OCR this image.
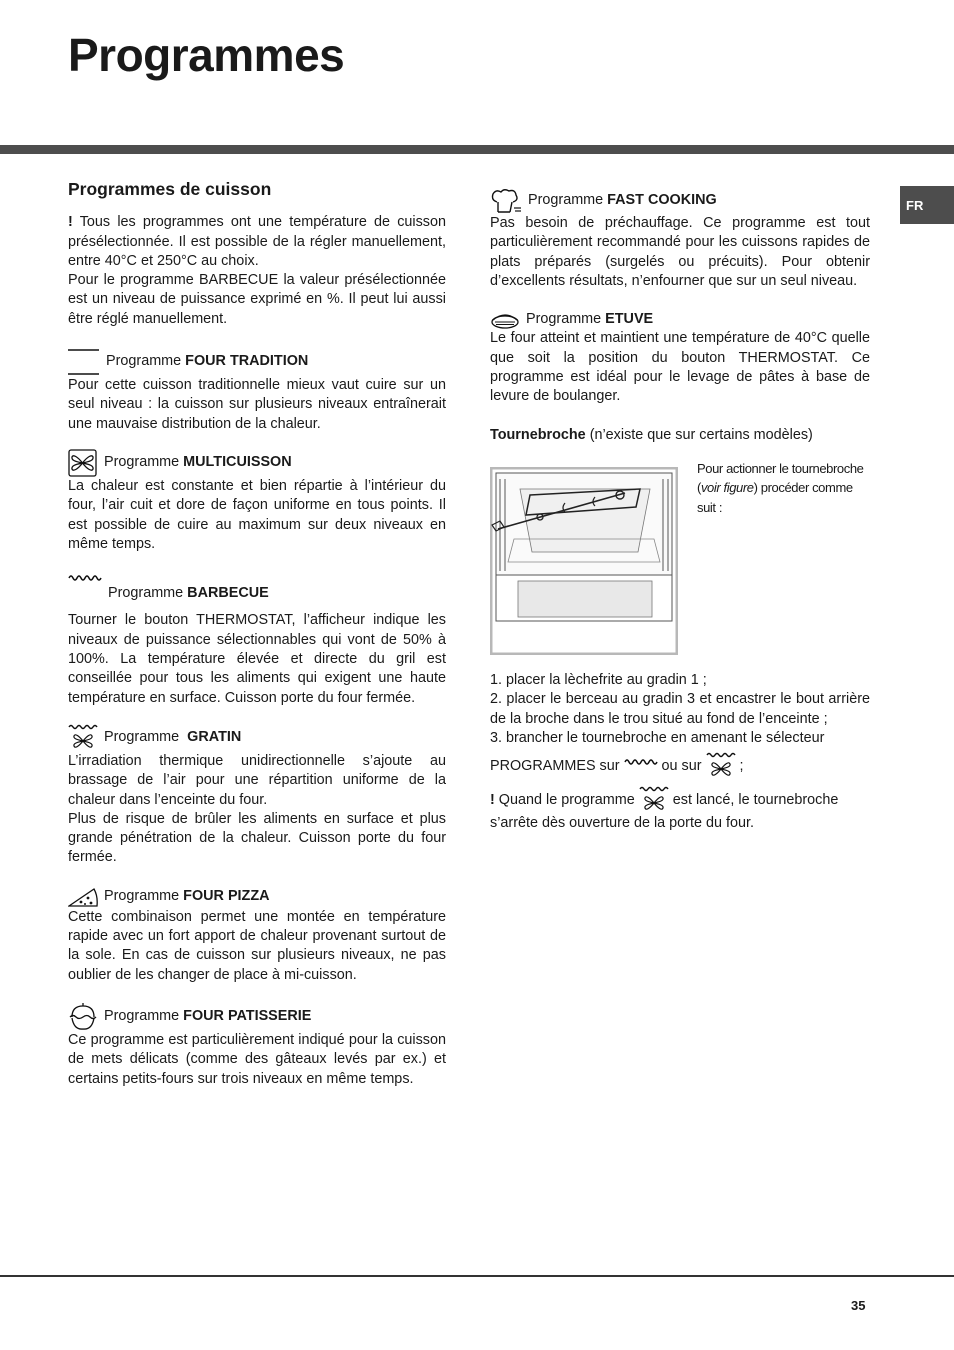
Programmes
FR
Programmes de cuisson

! Tous les programmes ont une température de cuisson présélectionnée. Il est possible de la régler manuellement, entre 40°C et 250°C au choix.

Pour le programme BARBECUE la valeur présélectionnée est un niveau de puissance exprimé en %. Il peut lui aussi être réglé manuellement.

Programme FOUR TRADITION

Pour cette cuisson traditionnelle mieux vaut cuire sur un seul niveau : la cuisson sur plusieurs niveaux entraînerait une mauvaise distribution de la chaleur.

Programme MULTICUISSON

La chaleur est constante et bien répartie à l’intérieur du four, l’air cuit et dore de façon uniforme en tous points. Il est possible de cuire au maximum sur deux niveaux en même temps.

Programme BARBECUE

Tourner le bouton THERMOSTAT, l’afficheur indique les niveaux de puissance sélectionnables qui vont de 50% à 100%. La température élevée et directe du gril est conseillée pour tous les aliments qui exigent une haute température en surface. Cuisson porte du four fermée.

Programme GRATIN

L’irradiation thermique unidirectionnelle s’ajoute au brassage de l’air pour une répartition uniforme de la chaleur dans l’enceinte du four.

Plus de risque de brûler les aliments en surface et plus grande pénétration de la chaleur. Cuisson porte du four fermée.

Programme FOUR PIZZA

Cette combinaison permet une montée en température rapide avec un fort apport de chaleur provenant surtout de la sole. En cas de cuisson sur plusieurs niveaux, ne pas oublier de les changer de place à mi-cuisson.

Programme FOUR PATISSERIE

Ce programme est particulièrement indiqué pour la cuisson de mets délicats (comme des gâteaux levés par ex.) et certains petits-fours sur trois niveaux en même temps.

Programme FAST COOKING

Pas besoin de préchauffage. Ce programme est tout particulièrement recommandé pour les cuissons rapides de plats préparés (surgelés ou précuits). Pour obtenir d’excellents résultats, n’enfourner que sur un seul niveau.

Programme ETUVE

Le four atteint et maintient une température de 40°C quelle que soit la position du bouton THERMOSTAT. Ce programme est idéal pour le levage de pâtes à base de levure de boulanger.

Tournebroche (n’existe que sur certains modèles)

Pour actionner le tournebroche (voir figure) procéder comme suit :

1. placer la lèchefrite au gradin 1 ;

2. placer le berceau au gradin 3 et encastrer le bout arrière de la broche dans le trou situé au fond de l’enceinte ;

3. brancher le tournebroche en amenant le sélecteur

PROGRAMMES sur	ou sur	;

! Quand le programme	est lancé, le tournebroche s’arrête dès ouverture de la porte du four.

35
